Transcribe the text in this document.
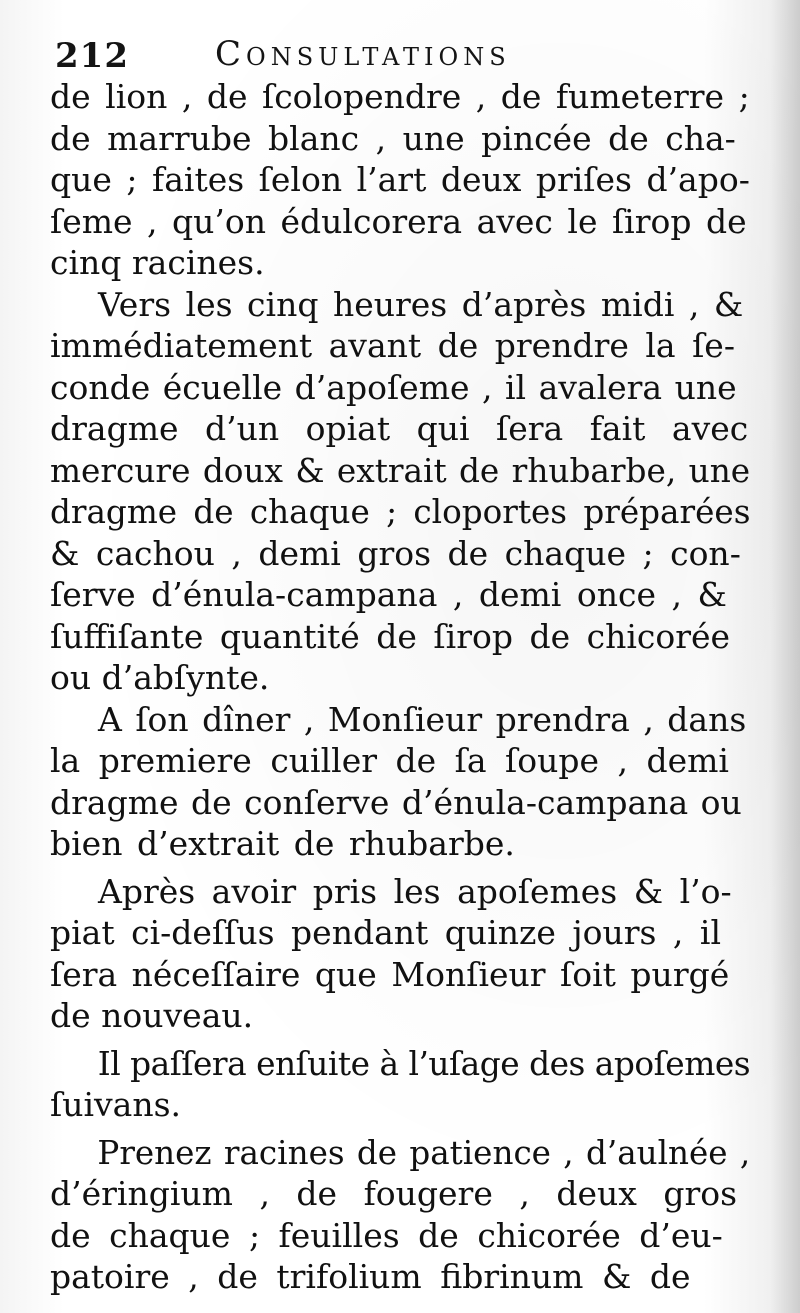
212	Consultations
de lion , de ſcolopendre , de fumeterre ;
de marrube blanc , une pincée de cha-
que ; faites ſelon l’art deux priſes d’apo-
ſeme , qu’on édulcorera avec le ſirop de
cinq racines.
Vers les cinq heures d’après midi , &
immédiatement avant de prendre la ſe-
conde écuelle d’apoſeme , il avalera une
dragme d’un opiat qui ſera fait avec
mercure doux & extrait de rhubarbe, une
dragme de chaque ; cloportes préparées
& cachou , demi gros de chaque ; con-
ſerve d’énula-campana , demi once , &
ſuffiſante quantité de ſirop de chicorée
ou d’abſynte.
A ſon dîner , Monſieur prendra , dans
la premiere cuiller de ſa ſoupe , demi
dragme de conſerve d’énula-campana ou
bien d’extrait de rhubarbe.
Après avoir pris les apoſemes & l’o-
piat ci-deſſus pendant quinze jours , il
ſera néceſſaire que Monſieur ſoit purgé
de nouveau.
Il paſſera enſuite à l’uſage des apoſemes
ſuivans.
Prenez racines de patience , d’aulnée ,
d’éringium , de fougere , deux gros
de chaque ; feuilles de chicorée d’eu-
patoire , de trifolium fibrinum & de
